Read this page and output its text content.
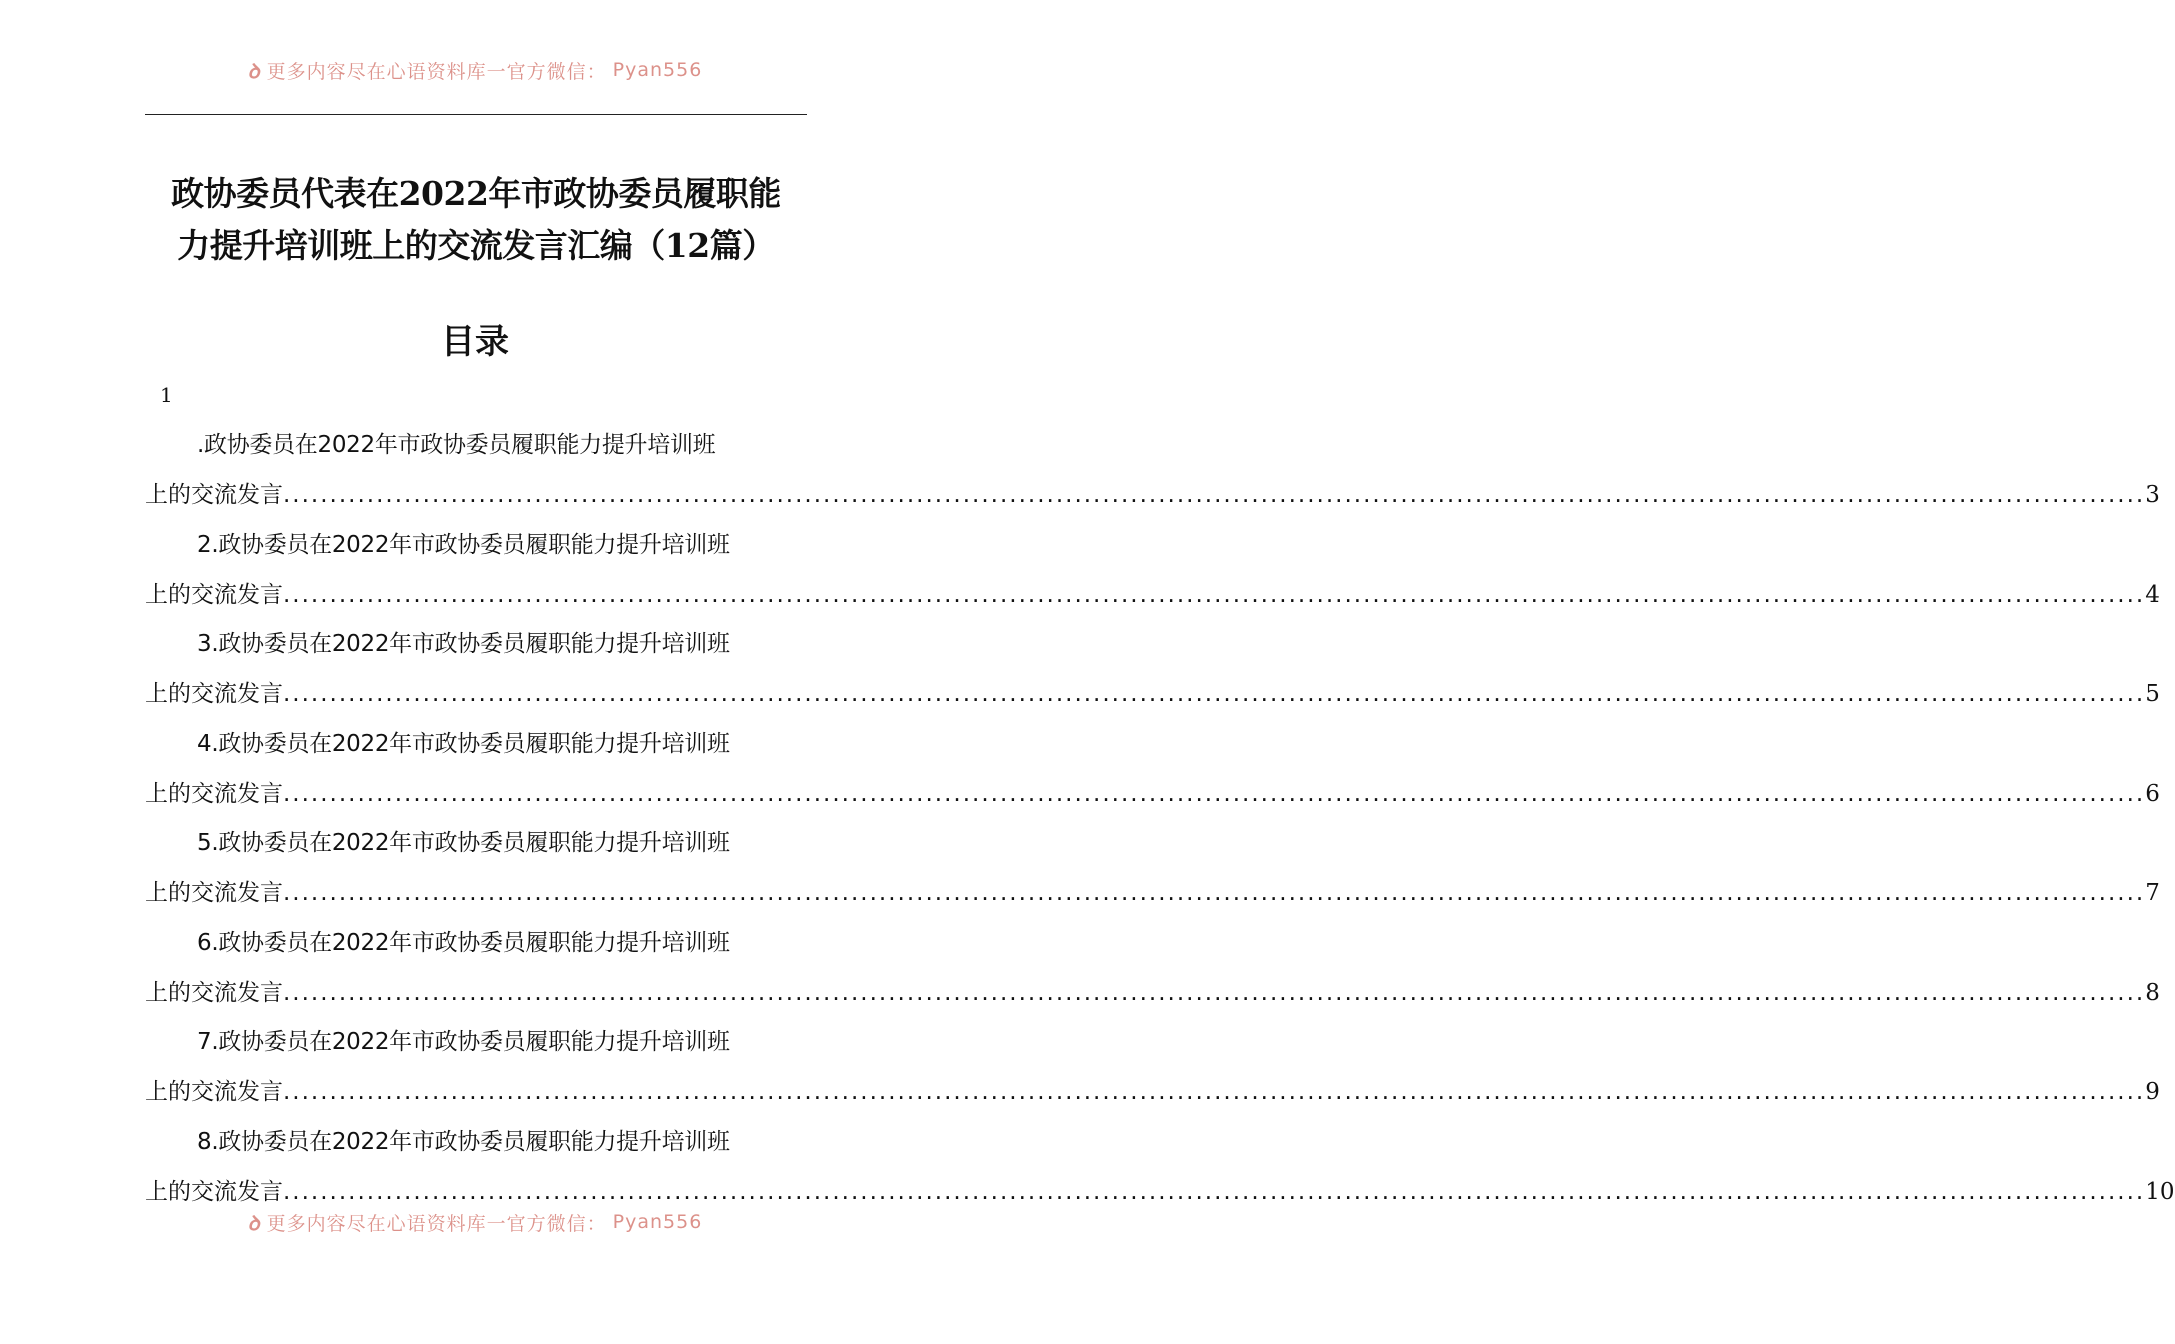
ꝺ 更多内容尽在心语资料库一官方微信： Pyan556
政协委员代表在2022年市政协委员履职能
力提升培训班上的交流发言汇编（12篇）
目录
1
.政协委员在2022年市政协委员履职能力提升培训班
上的交流发言 ........................................................................................................................................................................................................ 3
2.政协委员在2022年市政协委员履职能力提升培训班
上的交流发言 ........................................................................................................................................................................................................ 4
3.政协委员在2022年市政协委员履职能力提升培训班
上的交流发言 ........................................................................................................................................................................................................ 5
4.政协委员在2022年市政协委员履职能力提升培训班
上的交流发言 ........................................................................................................................................................................................................ 6
5.政协委员在2022年市政协委员履职能力提升培训班
上的交流发言 ........................................................................................................................................................................................................ 7
6.政协委员在2022年市政协委员履职能力提升培训班
上的交流发言 ........................................................................................................................................................................................................ 8
7.政协委员在2022年市政协委员履职能力提升培训班
上的交流发言 ........................................................................................................................................................................................................ 9
8.政协委员在2022年市政协委员履职能力提升培训班
上的交流发言 ........................................................................................................................................................................................................ 10
ꝺ 更多内容尽在心语资料库一官方微信： Pyan556
